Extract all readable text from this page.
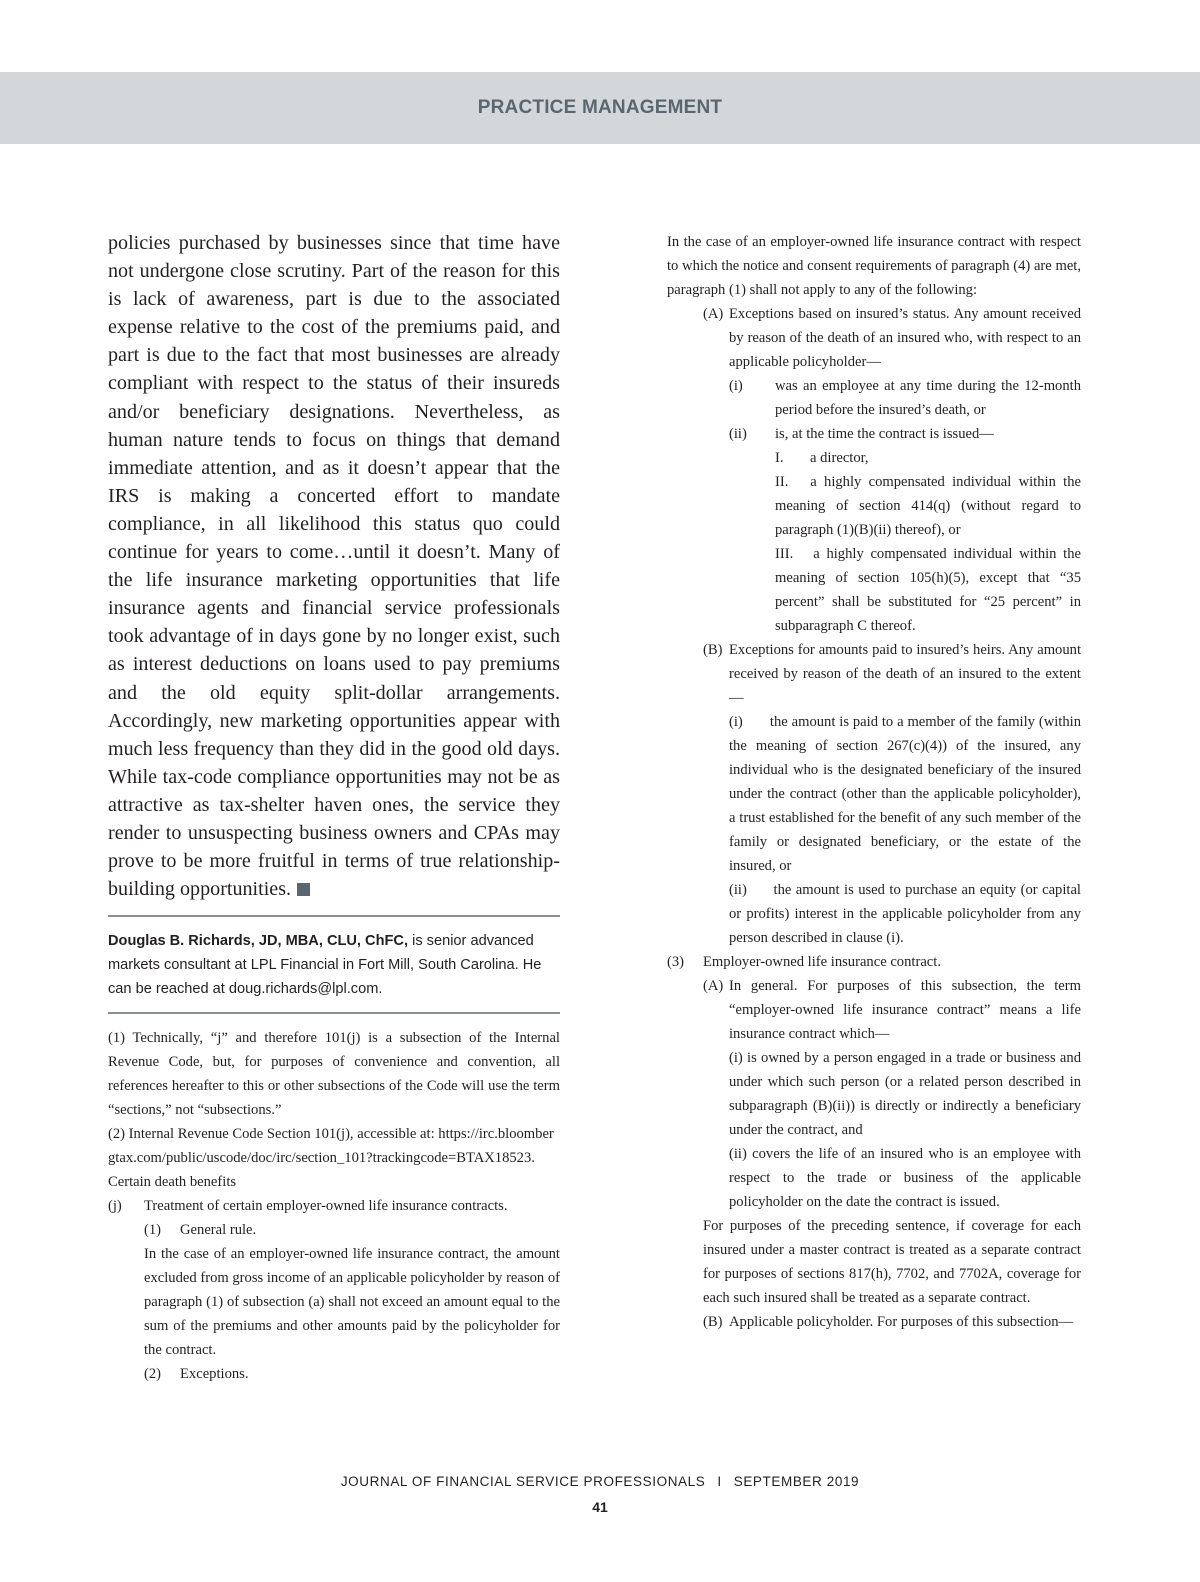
PRACTICE MANAGEMENT

policies purchased by businesses since that time have not undergone close scrutiny. Part of the reason for this is lack of awareness, part is due to the associated expense relative to the cost of the premiums paid, and part is due to the fact that most businesses are already compliant with respect to the status of their insureds and/or beneficiary designations. Nevertheless, as human nature tends to focus on things that demand immediate attention, and as it doesn’t appear that the IRS is making a concerted effort to mandate compliance, in all likelihood this status quo could continue for years to come…until it doesn’t. Many of the life insurance marketing opportunities that life insurance agents and financial service professionals took advantage of in days gone by no longer exist, such as interest deductions on loans used to pay premiums and the old equity split-dollar arrangements. Accordingly, new marketing opportunities appear with much less frequency than they did in the good old days. While tax-code compliance opportunities may not be as attractive as tax-shelter haven ones, the service they render to unsuspecting business owners and CPAs may prove to be more fruitful in terms of true relationship-building opportunities.

Douglas B. Richards, JD, MBA, CLU, ChFC, is senior advanced markets consultant at LPL Financial in Fort Mill, South Carolina. He can be reached at doug.richards@lpl.com.

(1) Technically, “j” and therefore 101(j) is a subsection of the Internal Revenue Code, but, for purposes of convenience and convention, all references hereafter to this or other subsections of the Code will use the term “sections,” not “subsections.”

(2) Internal Revenue Code Section 101(j), accessible at: https://irc.bloombergtax.com/public/uscode/doc/irc/section_101?trackingcode=BTAX18523.

Certain death benefits

(j)	Treatment of certain employer-owned life insurance contracts.
(1)	General rule.

In the case of an employer-owned life insurance contract, the amount excluded from gross income of an applicable policyholder by reason of paragraph (1) of subsection (a) shall not exceed an amount equal to the sum of the premiums and other amounts paid by the policyholder for the contract.

(2)	Exceptions.

In the case of an employer-owned life insurance contract with respect to which the notice and consent requirements of paragraph (4) are met, paragraph (1) shall not apply to any of the following:

(A) Exceptions based on insured’s status. Any amount received by reason of the death of an insured who, with respect to an applicable policyholder—
(i)	was an employee at any time during the 12-month period before the insured’s death, or
(ii)	is, at the time the contract is issued—
I.	a director,
II. a highly compensated individual within the meaning of section 414(q) (without regard to paragraph (1)(B)(ii) thereof), or
III. a highly compensated individual within the meaning of section 105(h)(5), except that “35 percent” shall be substituted for “25 percent” in subparagraph C thereof.
(B) Exceptions for amounts paid to insured’s heirs. Any amount received by reason of the death of an insured to the extent—
(i) the amount is paid to a member of the family (within the meaning of section 267(c)(4)) of the insured, any individual who is the designated beneficiary of the insured under the contract (other than the applicable policyholder), a trust established for the benefit of any such member of the family or designated beneficiary, or the estate of the insured, or
(ii) the amount is used to purchase an equity (or capital or profits) interest in the applicable policyholder from any person described in clause (i).
(3)	Employer-owned life insurance contract.
(A) In general. For purposes of this subsection, the term “employer-owned life insurance contract” means a life insurance contract which—

(i) is owned by a person engaged in a trade or business and under which such person (or a related person described in subparagraph (B)(ii)) is directly or indirectly a beneficiary under the contract, and

(ii) covers the life of an insured who is an employee with respect to the trade or business of the applicable policyholder on the date the contract is issued.

For purposes of the preceding sentence, if coverage for each insured under a master contract is treated as a separate contract for purposes of sections 817(h), 7702, and 7702A, coverage for each such insured shall be treated as a separate contract.

(B) Applicable policyholder. For purposes of this subsection—
JOURNAL OF FINANCIAL SERVICE PROFESSIONALS I SEPTEMBER 2019
41
